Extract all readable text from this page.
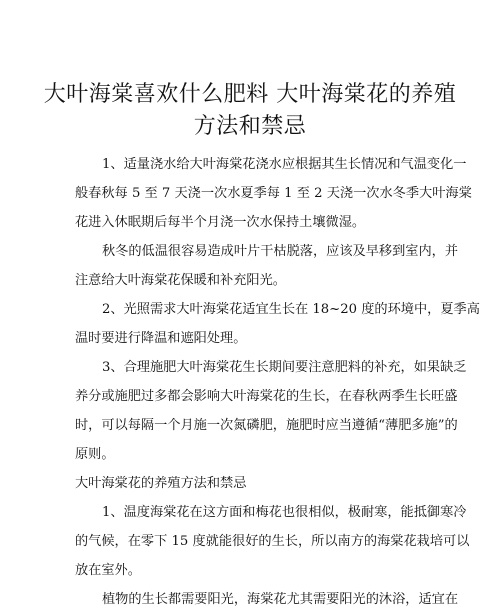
大叶海棠喜欢什么肥料 大叶海棠花的养殖
方法和禁忌
1、适量浇水给大叶海棠花浇水应根据其生长情况和气温变化一
般春秋每 5 至 7 天浇一次水夏季每 1 至 2 天浇一次水冬季大叶海棠
花进入休眠期后每半个月浇一次水保持土壤微湿。
秋冬的低温很容易造成叶片干枯脱落，应该及早移到室内，并
注意给大叶海棠花保暖和补充阳光。
2、光照需求大叶海棠花适宜生长在 18~20 度的环境中，夏季高
温时要进行降温和遮阳处理。
3、合理施肥大叶海棠花生长期间要注意肥料的补充，如果缺乏
养分或施肥过多都会影响大叶海棠花的生长，在春秋两季生长旺盛
时，可以每隔一个月施一次氮磷肥，施肥时应当遵循“薄肥多施”的
原则。
大叶海棠花的养殖方法和禁忌
1、温度海棠花在这方面和梅花也很相似，极耐寒，能抵御寒冷
的气候，在零下 15 度就能很好的生长，所以南方的海棠花栽培可以
放在室外。
植物的生长都需要阳光，海棠花尤其需要阳光的沐浴，适宜在
